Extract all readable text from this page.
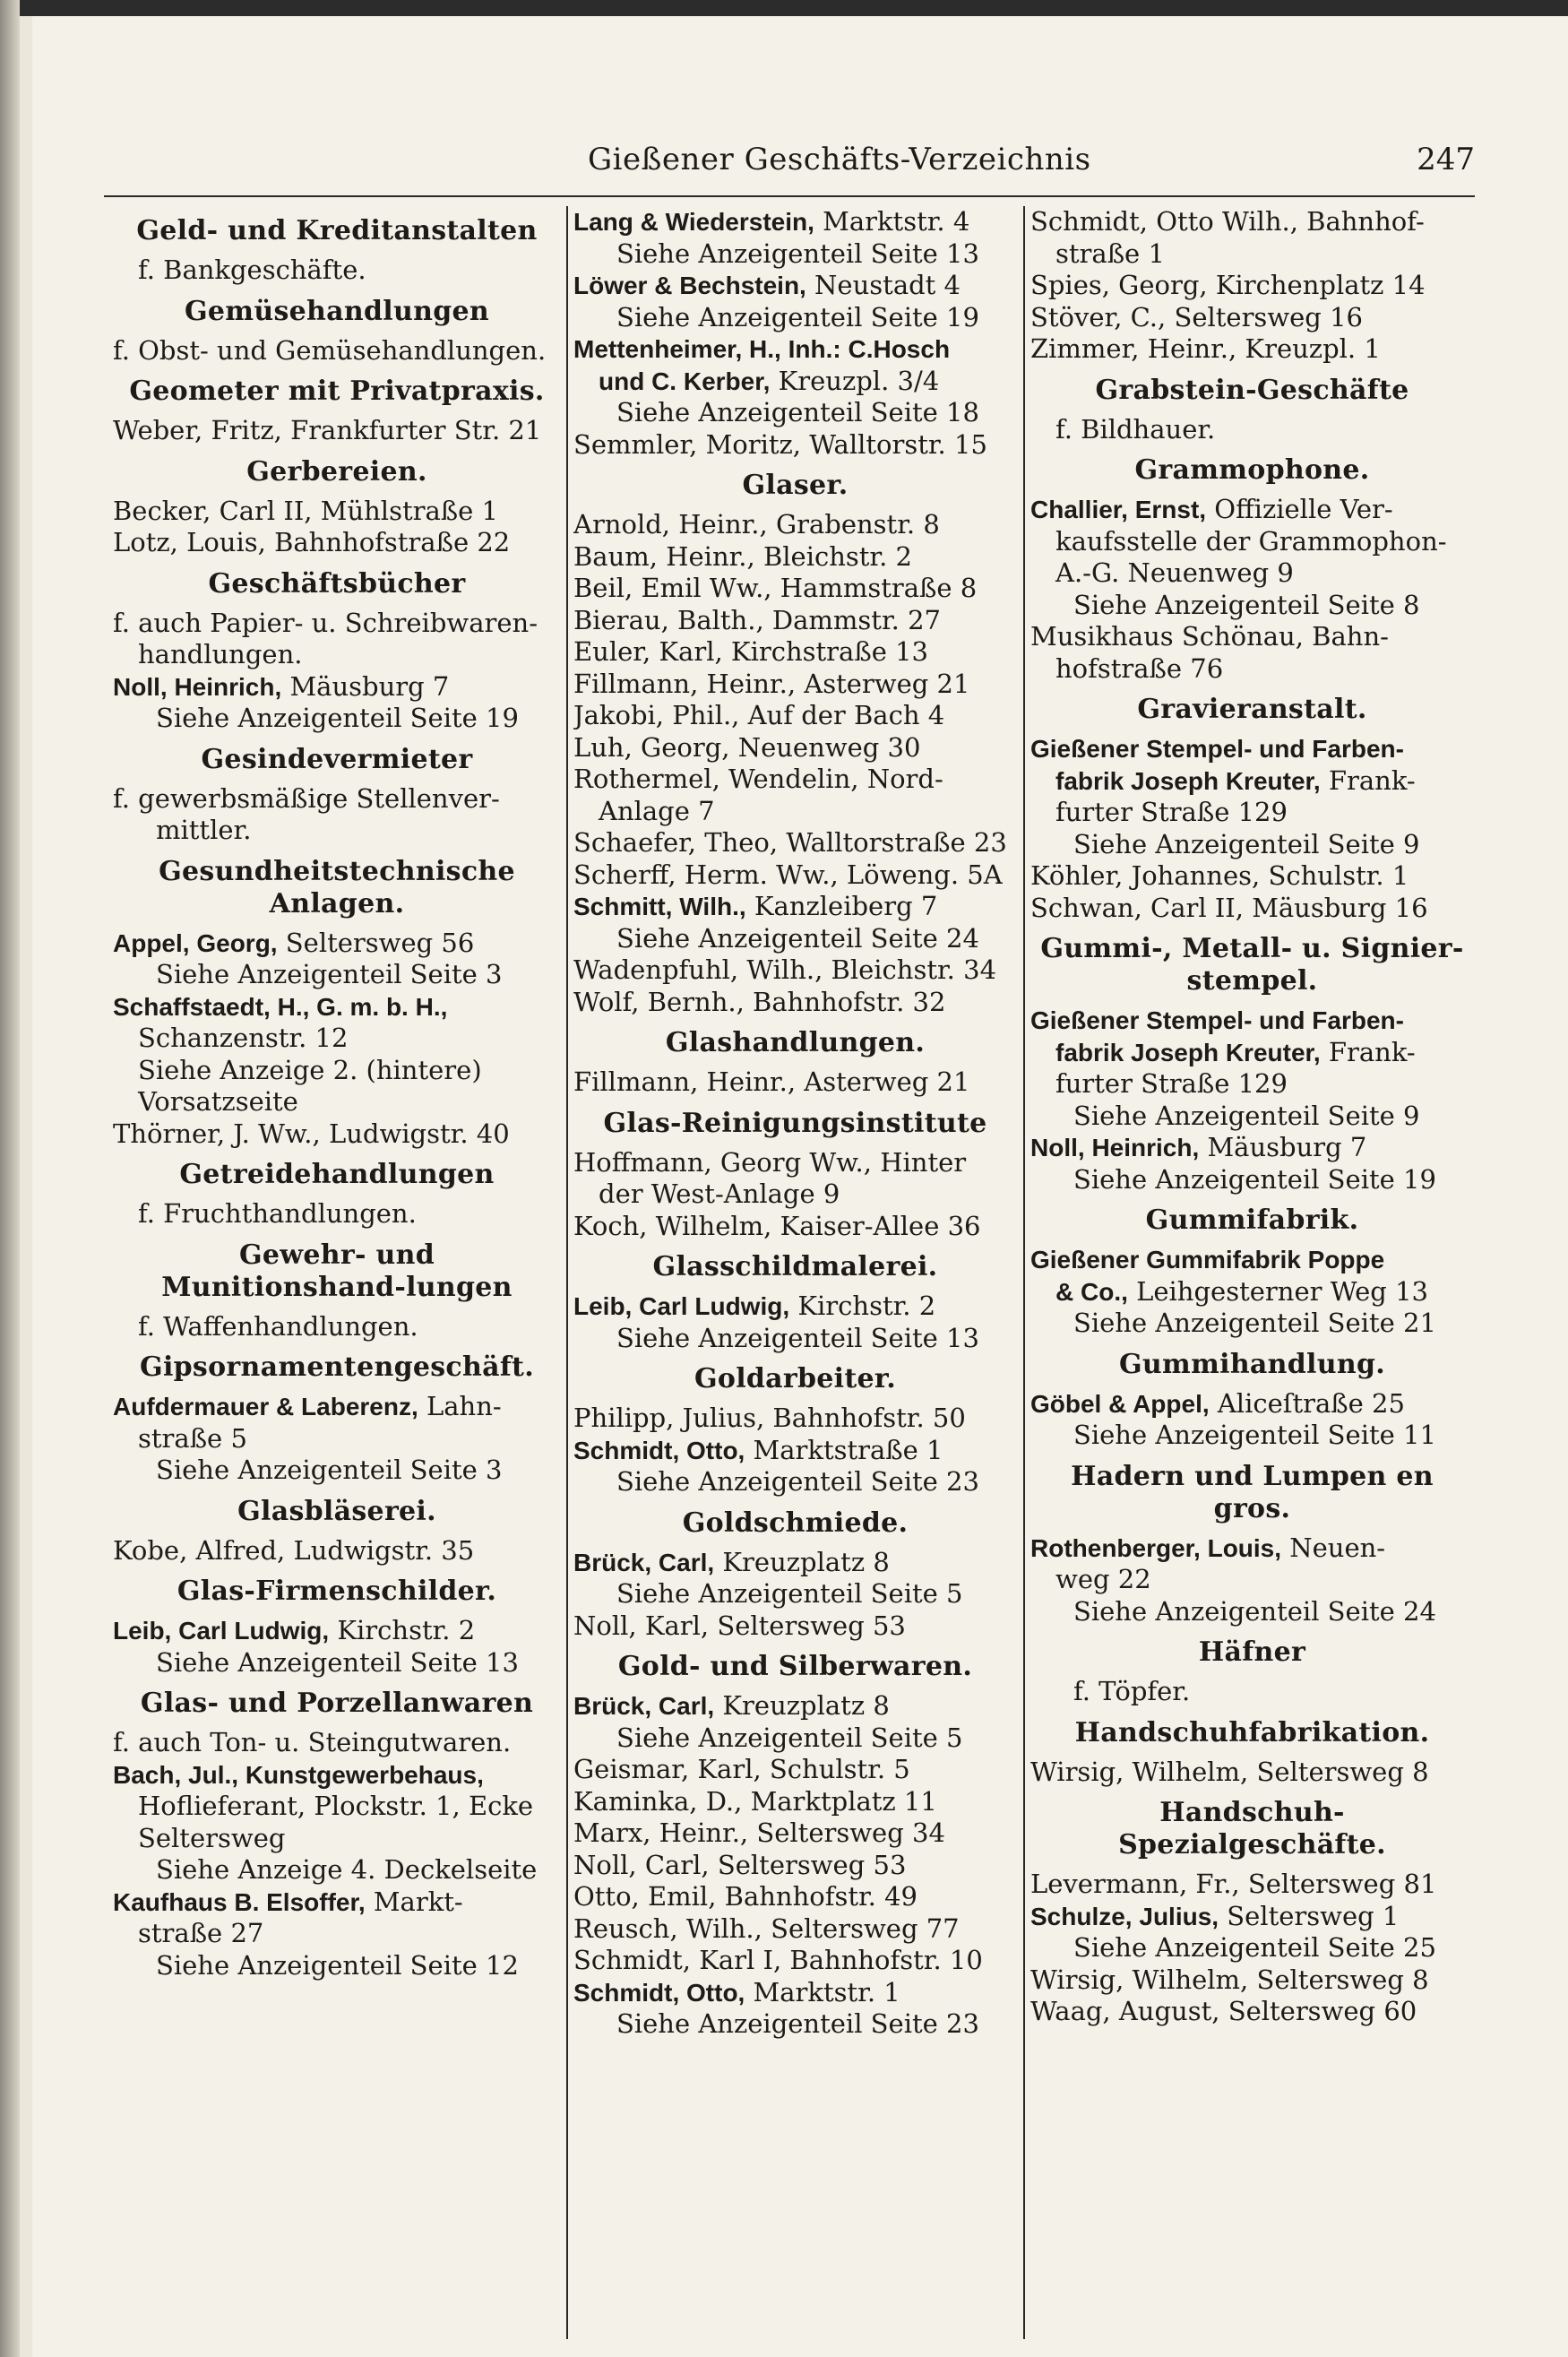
Gießener Geschäfts-Verzeichnis	247
Geld- und Kreditanstalten
f. Bankgeschäfte.
Gemüsehandlungen
f. Obst- und Gemüsehandlungen.
Geometer mit Privatpraxis.
Weber, Fritz, Frankfurter Str. 21
Gerbereien.
Becker, Carl II, Mühlstraße 1
Lotz, Louis, Bahnhofstraße 22
Geschäftsbücher
f. auch Papier- u. Schreibwaren-
handlungen.
Noll, Heinrich, Mäusburg 7
Siehe Anzeigenteil Seite 19
Gesindevermieter
f. gewerbsmäßige Stellenver-
mittler.
Gesundheitstechnische Anlagen.
Appel, Georg, Seltersweg 56
Siehe Anzeigenteil Seite 3
Schaffstaedt, H., G. m. b. H.,
Schanzenstr. 12
Siehe Anzeige 2. (hintere)
Vorsatzseite
Thörner, J. Ww., Ludwigstr. 40
Getreidehandlungen
f. Fruchthandlungen.
Gewehr- und Munitionshand-lungen
f. Waffenhandlungen.
Gipsornamentengeschäft.
Aufdermauer & Laberenz, Lahn-
straße 5
Siehe Anzeigenteil Seite 3
Glasbläserei.
Kobe, Alfred, Ludwigstr. 35
Glas-Firmenschilder.
Leib, Carl Ludwig, Kirchstr. 2
Siehe Anzeigenteil Seite 13
Glas- und Porzellanwaren
f. auch Ton- u. Steingutwaren.
Bach, Jul., Kunstgewerbehaus,
Hoflieferant, Plockstr. 1, Ecke
Seltersweg
Siehe Anzeige 4. Deckelseite
Kaufhaus B. Elsoffer, Markt-
straße 27
Siehe Anzeigenteil Seite 12
Lang & Wiederstein, Marktstr. 4
Siehe Anzeigenteil Seite 13
Löwer & Bechstein, Neustadt 4
Siehe Anzeigenteil Seite 19
Mettenheimer, H., Inh.: C.Hosch
und C. Kerber, Kreuzpl. 3/4
Siehe Anzeigenteil Seite 18
Semmler, Moritz, Walltorstr. 15
Glaser.
Arnold, Heinr., Grabenstr. 8
Baum, Heinr., Bleichstr. 2
Beil, Emil Ww., Hammstraße 8
Bierau, Balth., Dammstr. 27
Euler, Karl, Kirchstraße 13
Fillmann, Heinr., Asterweg 21
Jakobi, Phil., Auf der Bach 4
Luh, Georg, Neuenweg 30
Rothermel, Wendelin, Nord-
Anlage 7
Schaefer, Theo, Walltorstraße 23
Scherff, Herm. Ww., Löweng. 5A
Schmitt, Wilh., Kanzleiberg 7
Siehe Anzeigenteil Seite 24
Wadenpfuhl, Wilh., Bleichstr. 34
Wolf, Bernh., Bahnhofstr. 32
Glashandlungen.
Fillmann, Heinr., Asterweg 21
Glas-Reinigungsinstitute
Hoffmann, Georg Ww., Hinter
der West-Anlage 9
Koch, Wilhelm, Kaiser-Allee 36
Glasschildmalerei.
Leib, Carl Ludwig, Kirchstr. 2
Siehe Anzeigenteil Seite 13
Goldarbeiter.
Philipp, Julius, Bahnhofstr. 50
Schmidt, Otto, Marktstraße 1
Siehe Anzeigenteil Seite 23
Goldschmiede.
Brück, Carl, Kreuzplatz 8
Siehe Anzeigenteil Seite 5
Noll, Karl, Seltersweg 53
Gold- und Silberwaren.
Brück, Carl, Kreuzplatz 8
Siehe Anzeigenteil Seite 5
Geismar, Karl, Schulstr. 5
Kaminka, D., Marktplatz 11
Marx, Heinr., Seltersweg 34
Noll, Carl, Seltersweg 53
Otto, Emil, Bahnhofstr. 49
Reusch, Wilh., Seltersweg 77
Schmidt, Karl I, Bahnhofstr. 10
Schmidt, Otto, Marktstr. 1
Siehe Anzeigenteil Seite 23
Schmidt, Otto Wilh., Bahnhof-
straße 1
Spies, Georg, Kirchenplatz 14
Stöver, C., Seltersweg 16
Zimmer, Heinr., Kreuzpl. 1
Grabstein-Geschäfte
f. Bildhauer.
Grammophone.
Challier, Ernst, Offizielle Ver-
kaufsstelle der Grammophon-
A.-G. Neuenweg 9
Siehe Anzeigenteil Seite 8
Musikhaus Schönau, Bahn-
hofstraße 76
Gravieranstalt.
Gießener Stempel- und Farben-
fabrik Joseph Kreuter, Frank-
furter Straße 129
Siehe Anzeigenteil Seite 9
Köhler, Johannes, Schulstr. 1
Schwan, Carl II, Mäusburg 16
Gummi-, Metall- u. Signier-stempel.
Gießener Stempel- und Farben-
fabrik Joseph Kreuter, Frank-
furter Straße 129
Siehe Anzeigenteil Seite 9
Noll, Heinrich, Mäusburg 7
Siehe Anzeigenteil Seite 19
Gummifabrik.
Gießener Gummifabrik Poppe
& Co., Leihgesterner Weg 13
Siehe Anzeigenteil Seite 21
Gummihandlung.
Göbel & Appel, Aliceſtraße 25
Siehe Anzeigenteil Seite 11
Hadern und Lumpen en gros.
Rothenberger, Louis, Neuen-
weg 22
Siehe Anzeigenteil Seite 24
Häfner
f. Töpfer.
Handschuhfabrikation.
Wirsig, Wilhelm, Seltersweg 8
Handschuh-Spezialgeschäfte.
Levermann, Fr., Seltersweg 81
Schulze, Julius, Seltersweg 1
Siehe Anzeigenteil Seite 25
Wirsig, Wilhelm, Seltersweg 8
Waag, August, Seltersweg 60
